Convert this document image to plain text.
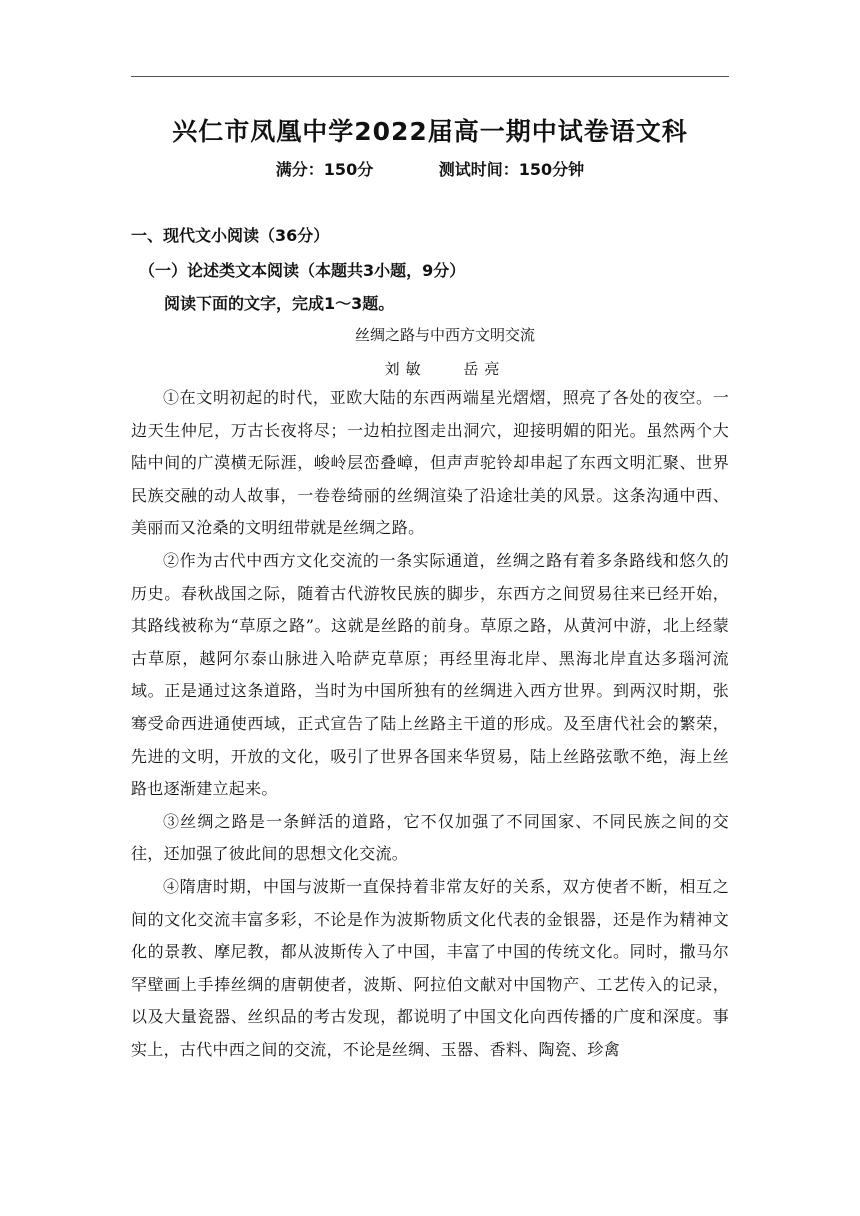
兴仁市凤凰中学2022届高一期中试卷语文科
满分：150分	测试时间：150分钟
一、现代文小阅读（36分）
（一）论述类文本阅读（本题共3小题，9分）
阅读下面的文字，完成1～3题。
丝绸之路与中西方文明交流
刘敏 岳亮

①在文明初起的时代，亚欧大陆的东西两端星光熠熠，照亮了各处的夜空。一边天生仲尼，万古长夜将尽；一边柏拉图走出洞穴，迎接明媚的阳光。虽然两个大陆中间的广漠横无际涯，峻岭层峦叠嶂，但声声驼铃却串起了东西文明汇聚、世界民族交融的动人故事，一卷卷绮丽的丝绸渲染了沿途壮美的风景。这条沟通中西、美丽而又沧桑的文明纽带就是丝绸之路。

②作为古代中西方文化交流的一条实际通道，丝绸之路有着多条路线和悠久的历史。春秋战国之际，随着古代游牧民族的脚步，东西方之间贸易往来已经开始，其路线被称为“草原之路”。这就是丝路的前身。草原之路，从黄河中游，北上经蒙古草原，越阿尔泰山脉进入哈萨克草原；再经里海北岸、黑海北岸直达多瑙河流域。正是通过这条道路，当时为中国所独有的丝绸进入西方世界。到两汉时期，张骞受命西进通使西域，正式宣告了陆上丝路主干道的形成。及至唐代社会的繁荣，先进的文明，开放的文化，吸引了世界各国来华贸易，陆上丝路弦歌不绝，海上丝路也逐渐建立起来。

③丝绸之路是一条鲜活的道路，它不仅加强了不同国家、不同民族之间的交往，还加强了彼此间的思想文化交流。

④隋唐时期，中国与波斯一直保持着非常友好的关系，双方使者不断，相互之间的文化交流丰富多彩，不论是作为波斯物质文化代表的金银器，还是作为精神文化的景教、摩尼教，都从波斯传入了中国，丰富了中国的传统文化。同时，撒马尔罕壁画上手捧丝绸的唐朝使者，波斯、阿拉伯文献对中国物产、工艺传入的记录，以及大量瓷器、丝织品的考古发现，都说明了中国文化向西传播的广度和深度。事实上，古代中西之间的交流，不论是丝绸、玉器、香料、陶瓷、珍禽
